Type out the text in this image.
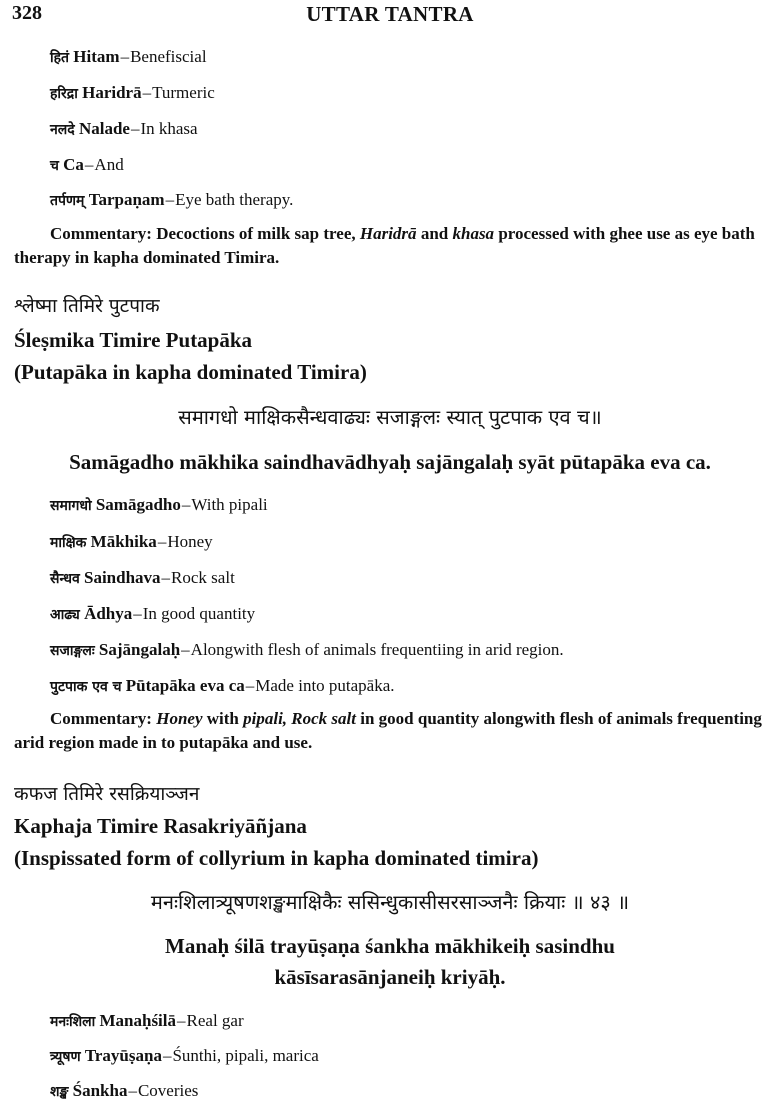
328	UTTAR TANTRA
हितं Hitam–Benefiscial
हरिद्रा Haridrā–Turmeric
नलदे Nalade–In khasa
च Ca–And
तर्पणम् Tarpaṇam–Eye bath therapy.
Commentary: Decoctions of milk sap tree, Haridrā and khasa processed with ghee use as eye bath therapy in kapha dominated Timira.
श्लेष्मा तिमिरे पुटपाक
Śleṣmika Timire Putapāka
(Putapāka in kapha dominated Timira)
समागधो माक्षिकसैन्धवाढ्यः सजाङ्गलः स्यात् पुटपाक एव च॥
Samāgadho mākhika saindhavādhyaḥ sajāngalaḥ syāt pūtapāka eva ca.
समागधो Samāgadho–With pipali
माक्षिक Mākhika–Honey
सैन्धव Saindhava–Rock salt
आढ्य Ādhya–In good quantity
सजाङ्गलः Sajāngalaḥ–Alongwith flesh of animals frequentiing in arid region.
पुटपाक एव च Pūtapāka eva ca–Made into putapāka.
Commentary: Honey with pipali, Rock salt in good quantity alongwith flesh of animals frequenting arid region made in to putapāka and use.
कफज तिमिरे रसक्रियाञ्जन
Kaphaja Timire Rasakriyāñjana
(Inspissated form of collyrium in kapha dominated timira)
मनःशिलात्र्यूषणशङ्खमाक्षिकैः ससिन्धुकासीसरसाञ्जनैः क्रियाः ॥ ४३ ॥
Manaḥ śilā trayūṣaṇa śankha mākhikeiḥ sasindhu
kāsīsarasānjaneiḥ kriyāḥ.
मनःशिला Manaḥśilā–Real gar
त्र्यूषण Trayūṣaṇa–Śunthi, pipali, marica
शङ्ख Śankha–Coveries
